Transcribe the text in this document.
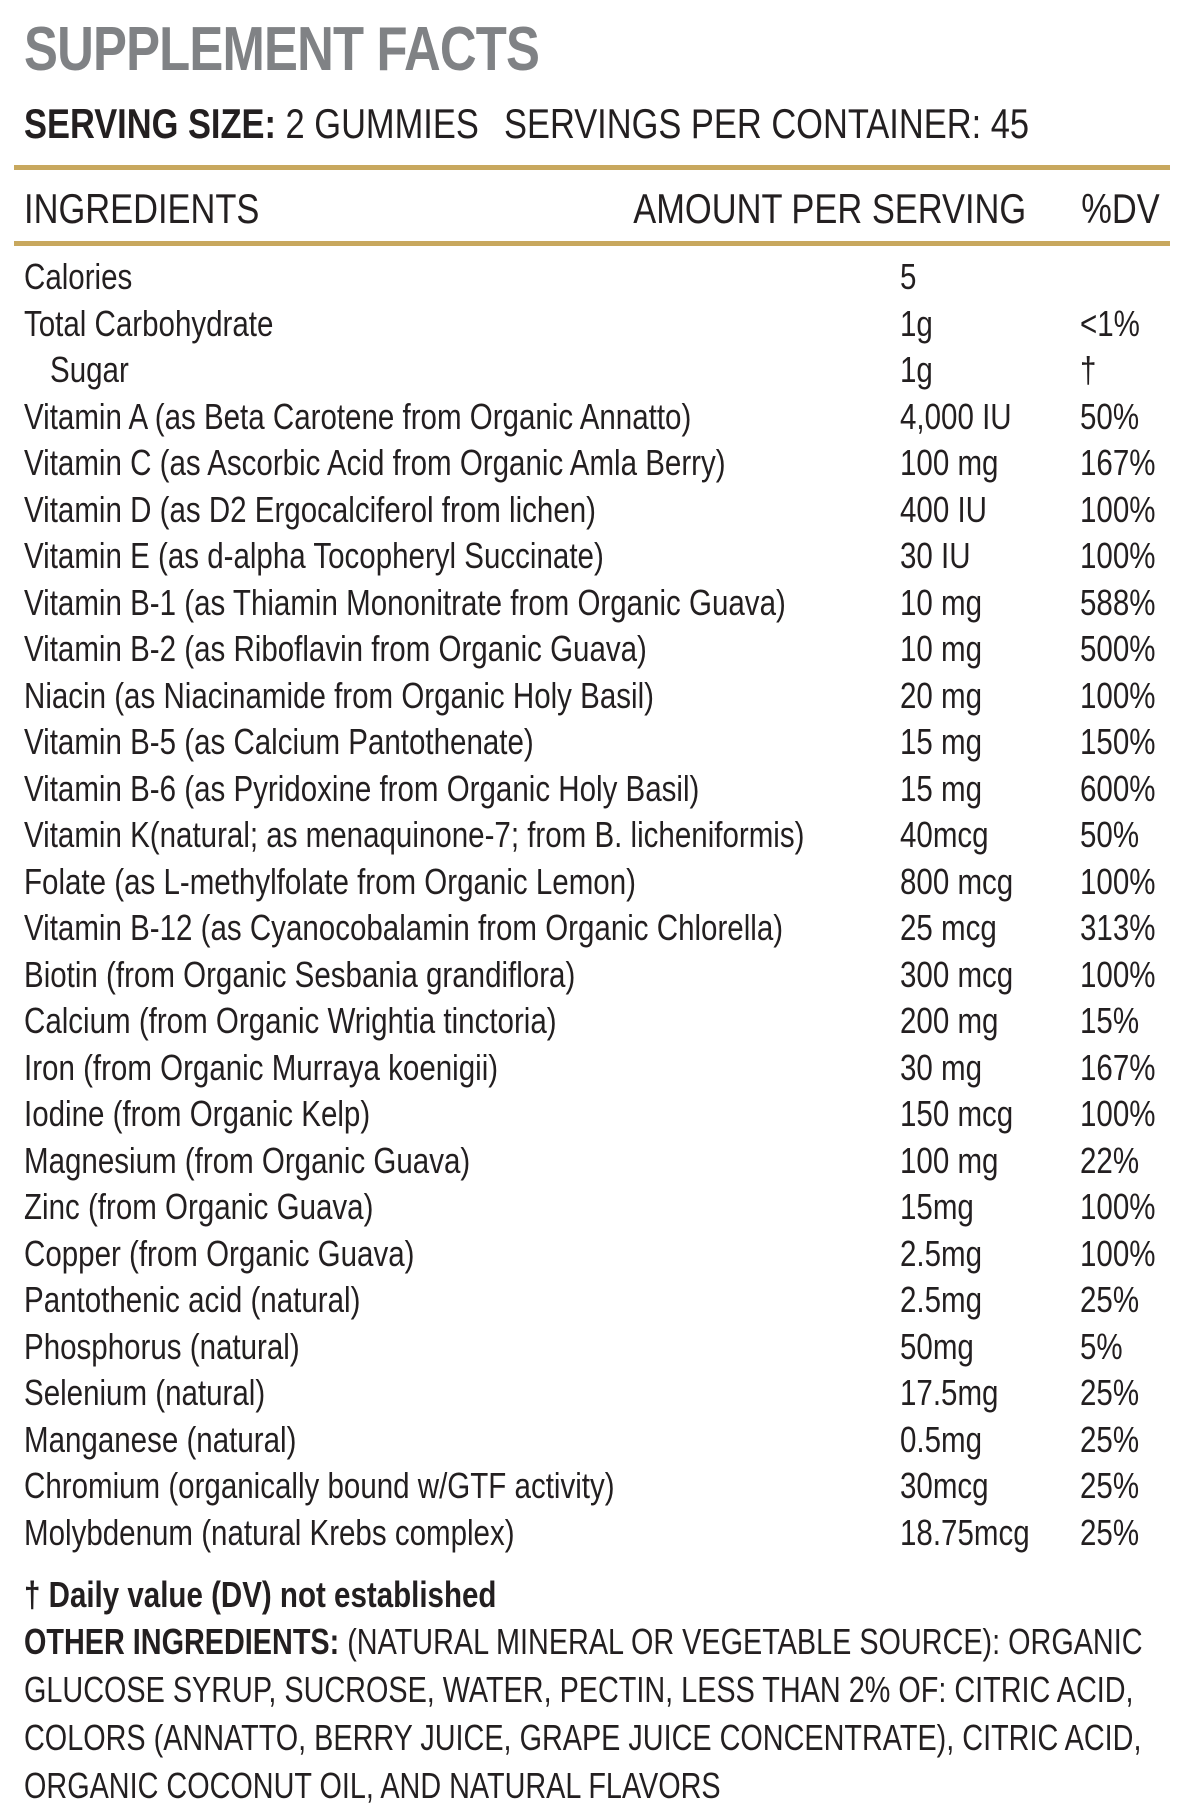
SUPPLEMENT FACTS
SERVING SIZE: 2 GUMMIES SERVINGS PER CONTAINER: 45
INGREDIENTS	AMOUNT PER SERVING	%DV
Calories	5
Total Carbohydrate	1g	<1%
Sugar	1g	†
Vitamin A (as Beta Carotene from Organic Annatto)	4,000 IU 50%
Vitamin C (as Ascorbic Acid from Organic Amla Berry)	100 mg 167%
Vitamin D (as D2 Ergocalciferol from lichen)	400 IU	100%
Vitamin E (as d-alpha Tocopheryl Succinate)	30 IU	100%
Vitamin B-1 (as Thiamin Mononitrate from Organic Guava)	10 mg	588%
Vitamin B-2 (as Riboflavin from Organic Guava)	10 mg	500%
Niacin (as Niacinamide from Organic Holy Basil)	20 mg	100%
Vitamin B-5 (as Calcium Pantothenate)	15 mg	150%
Vitamin B-6 (as Pyridoxine from Organic Holy Basil)	15 mg	600%
Vitamin K(natural; as menaquinone-7; from B. licheniformis)	40mcg	50%
Folate (as L-methylfolate from Organic Lemon)	800 mcg 100%
Vitamin B-12 (as Cyanocobalamin from Organic Chlorella)	25 mcg 313%
Biotin (from Organic Sesbania grandiflora)	300 mcg 100%
Calcium (from Organic Wrightia tinctoria)	200 mg 15%
Iron (from Organic Murraya koenigii)	30 mg	167%
Iodine (from Organic Kelp)	150 mcg 100%
Magnesium (from Organic Guava)	100 mg 22%
Zinc (from Organic Guava)	15mg	100%
Copper (from Organic Guava)	2.5mg	100%
Pantothenic acid (natural)	2.5mg	25%
Phosphorus (natural)	50mg	5%
Selenium (natural)	17.5mg 25%
Manganese (natural)	0.5mg	25%
Chromium (organically bound w/GTF activity)	30mcg	25%
Molybdenum (natural Krebs complex)	18.75mcg 25%
† Daily value (DV) not established
OTHER INGREDIENTS: (NATURAL MINERAL OR VEGETABLE SOURCE): ORGANIC GLUCOSE SYRUP, SUCROSE, WATER, PECTIN, LESS THAN 2% OF: CITRIC ACID, COLORS (ANNATTO, BERRY JUICE, GRAPE JUICE CONCENTRATE), CITRIC ACID, ORGANIC COCONUT OIL, AND NATURAL FLAVORS
